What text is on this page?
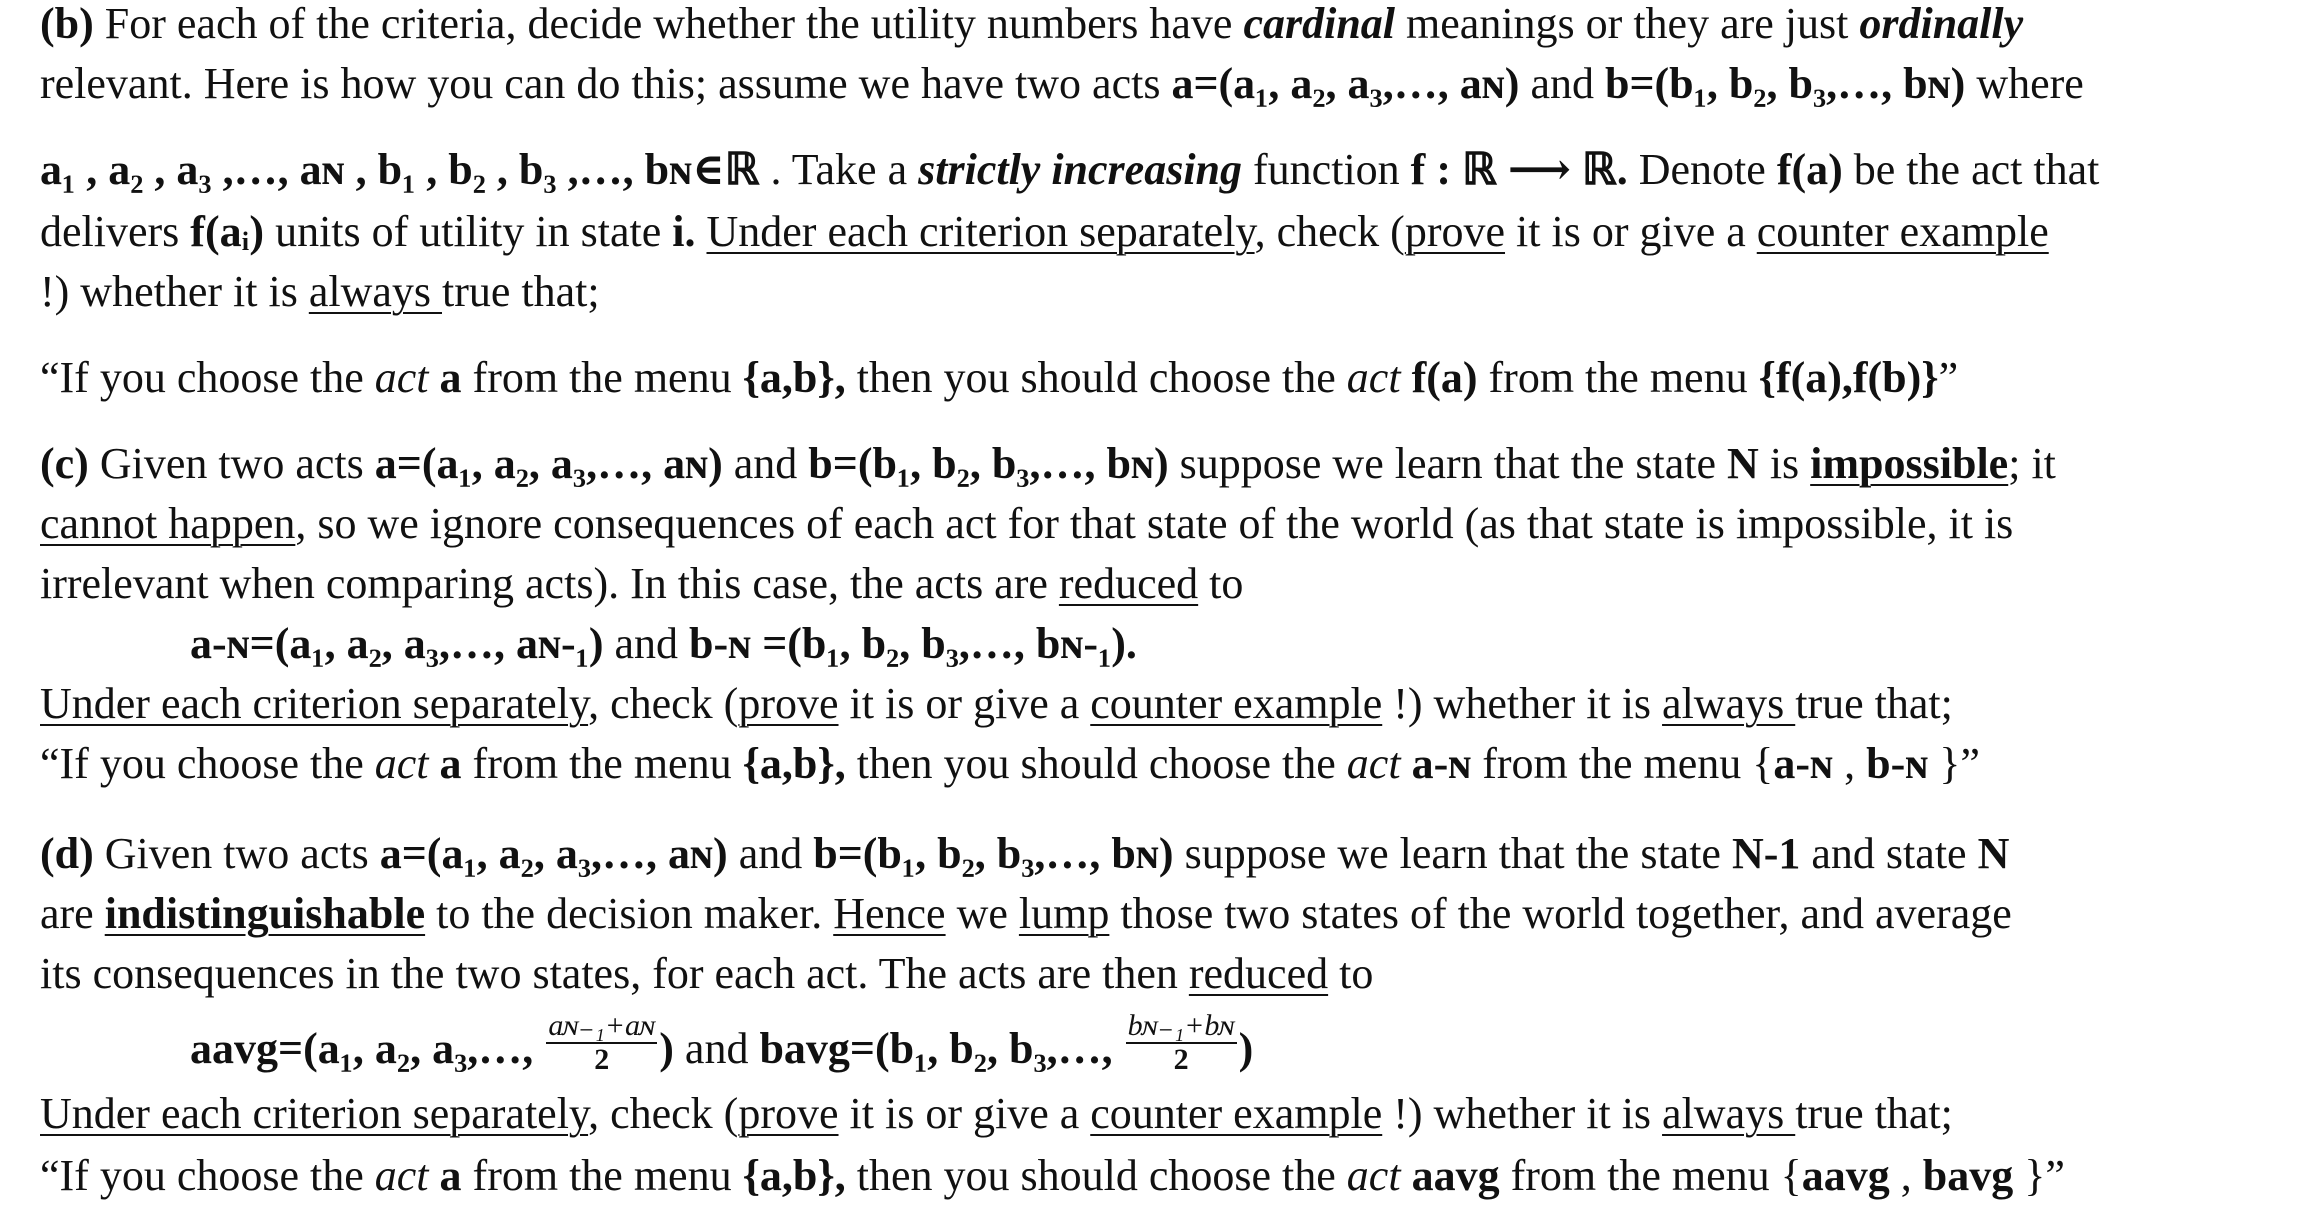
(b) For each of the criteria, decide whether the utility numbers have cardinal meanings or they are just ordinally
relevant. Here is how you can do this; assume we have two acts a=(a₁, a₂, a₃,…, aɴ) and b=(b₁, b₂, b₃,…, bɴ) where
a₁ , a₂ , a₃ ,…, aɴ , b₁ , b₂ , b₃ ,…, bɴ∈ℝ . Take a strictly increasing function f : ℝ ⟶ ℝ. Denote f(a) be the act that
delivers f(aᵢ) units of utility in state i. Under each criterion separately, check (prove it is or give a counter example
!) whether it is always true that;
“If you choose the act a from the menu {a,b}, then you should choose the act f(a) from the menu {f(a),f(b)}”
(c) Given two acts a=(a₁, a₂, a₃,…, aɴ) and b=(b₁, b₂, b₃,…, bɴ) suppose we learn that the state N is impossible; it
cannot happen, so we ignore consequences of each act for that state of the world (as that state is impossible, it is
irrelevant when comparing acts). In this case, the acts are reduced to
a-ɴ=(a₁, a₂, a₃,…, aɴ-₁) and b-ɴ =(b₁, b₂, b₃,…, bɴ-₁).
Under each criterion separately, check (prove it is or give a counter example !) whether it is always true that;
“If you choose the act a from the menu {a,b}, then you should choose the act a-ɴ from the menu {a-ɴ , b-ɴ }”
(d) Given two acts a=(a₁, a₂, a₃,…, aɴ) and b=(b₁, b₂, b₃,…, bɴ) suppose we learn that the state N-1 and state N
are indistinguishable to the decision maker. Hence we lump those two states of the world together, and average
its consequences in the two states, for each act. The acts are then reduced to
aavg=(a₁, a₂, a₃,…, $\frac{\text{aɴ₋₁+aɴ}}{2}$ ) and bavg=(b₁, b₂, b₃,…, $\frac{\text{bɴ₋₁+bɴ}}{2}$ )
Under each criterion separately, check (prove it is or give a counter example !) whether it is always true that;
“If you choose the act a from the menu {a,b}, then you should choose the act aavg from the menu {aavg , bavg }”
